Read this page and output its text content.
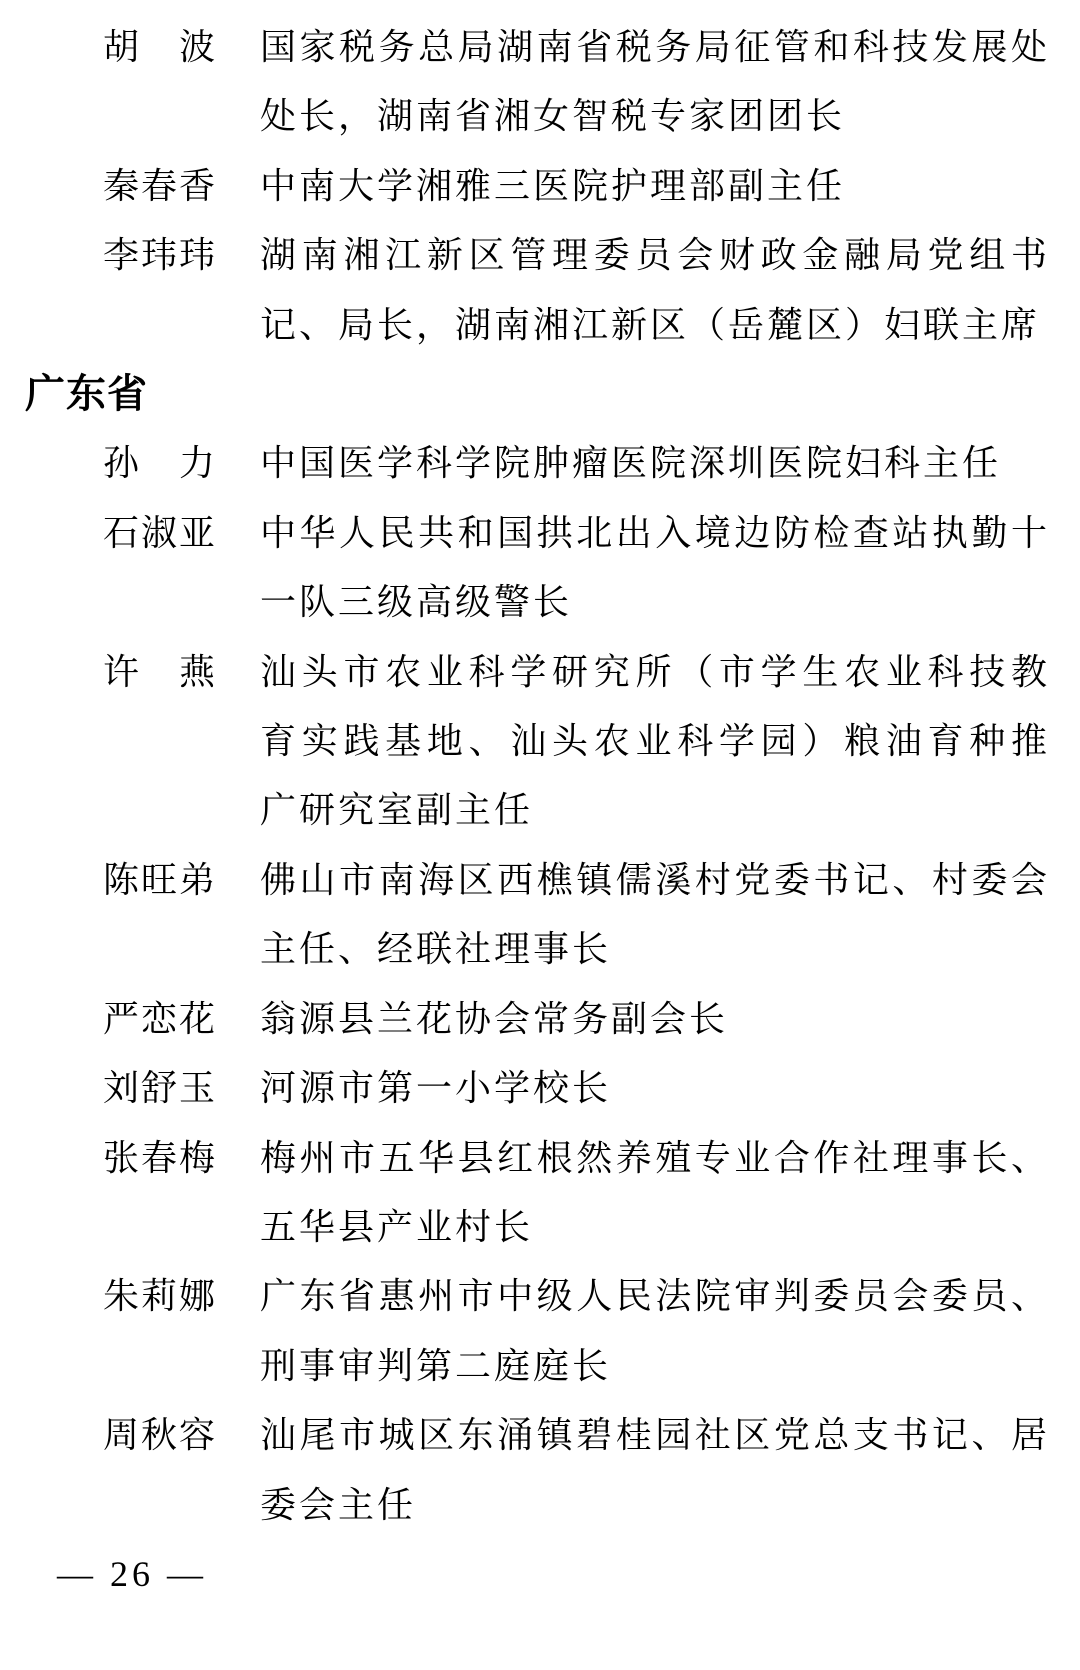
胡波 国家税务总局湖南省税务局征管和科技发展处
处长，湖南省湘女智税专家团团长
秦春香 中南大学湘雅三医院护理部副主任
李玮玮 湖南湘江新区管理委员会财政金融局党组书
记、局长，湖南湘江新区（岳麓区）妇联主席
广东省
孙力 中国医学科学院肿瘤医院深圳医院妇科主任
石淑亚 中华人民共和国拱北出入境边防检查站执勤十
一队三级高级警长
许燕 汕头市农业科学研究所（市学生农业科技教
育实践基地、汕头农业科学园）粮油育种推
广研究室副主任
陈旺弟 佛山市南海区西樵镇儒溪村党委书记、村委会
主任、经联社理事长
严恋花 翁源县兰花协会常务副会长
刘舒玉 河源市第一小学校长
张春梅 梅州市五华县红根然养殖专业合作社理事长、
五华县产业村长
朱莉娜 广东省惠州市中级人民法院审判委员会委员、
刑事审判第二庭庭长
周秋容 汕尾市城区东涌镇碧桂园社区党总支书记、居
委会主任
— 26 —
